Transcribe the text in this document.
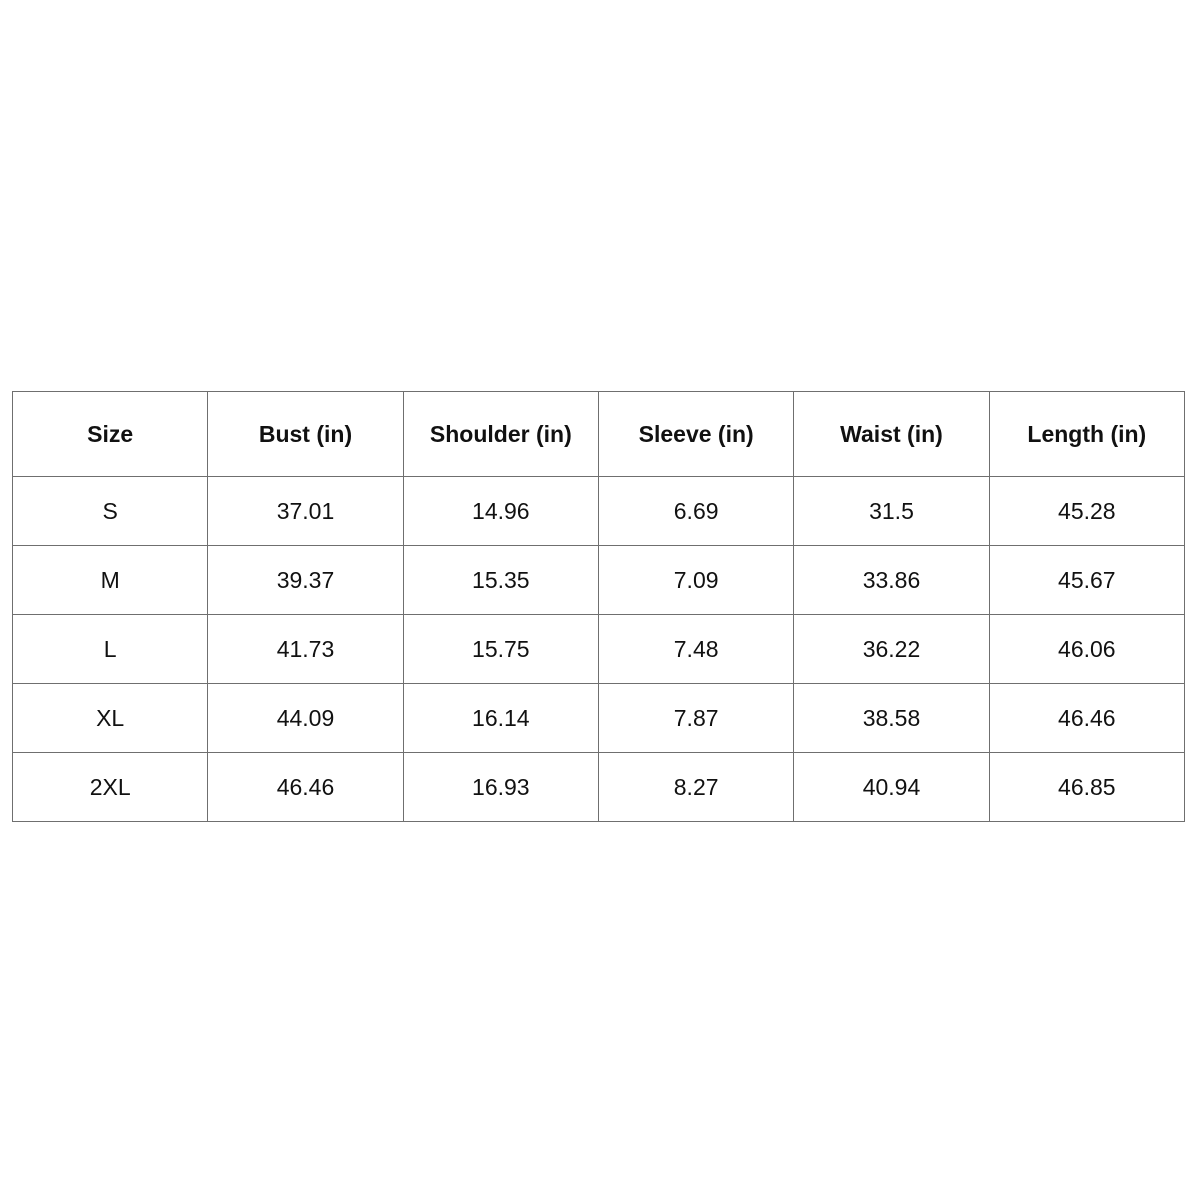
Size	Bust (in)	Shoulder (in)	Sleeve (in)	Waist (in)	Length (in)
S	37.01	14.96	6.69	31.5	45.28
M	39.37	15.35	7.09	33.86	45.67
L	41.73	15.75	7.48	36.22	46.06
XL	44.09	16.14	7.87	38.58	46.46
2XL	46.46	16.93	8.27	40.94	46.85
